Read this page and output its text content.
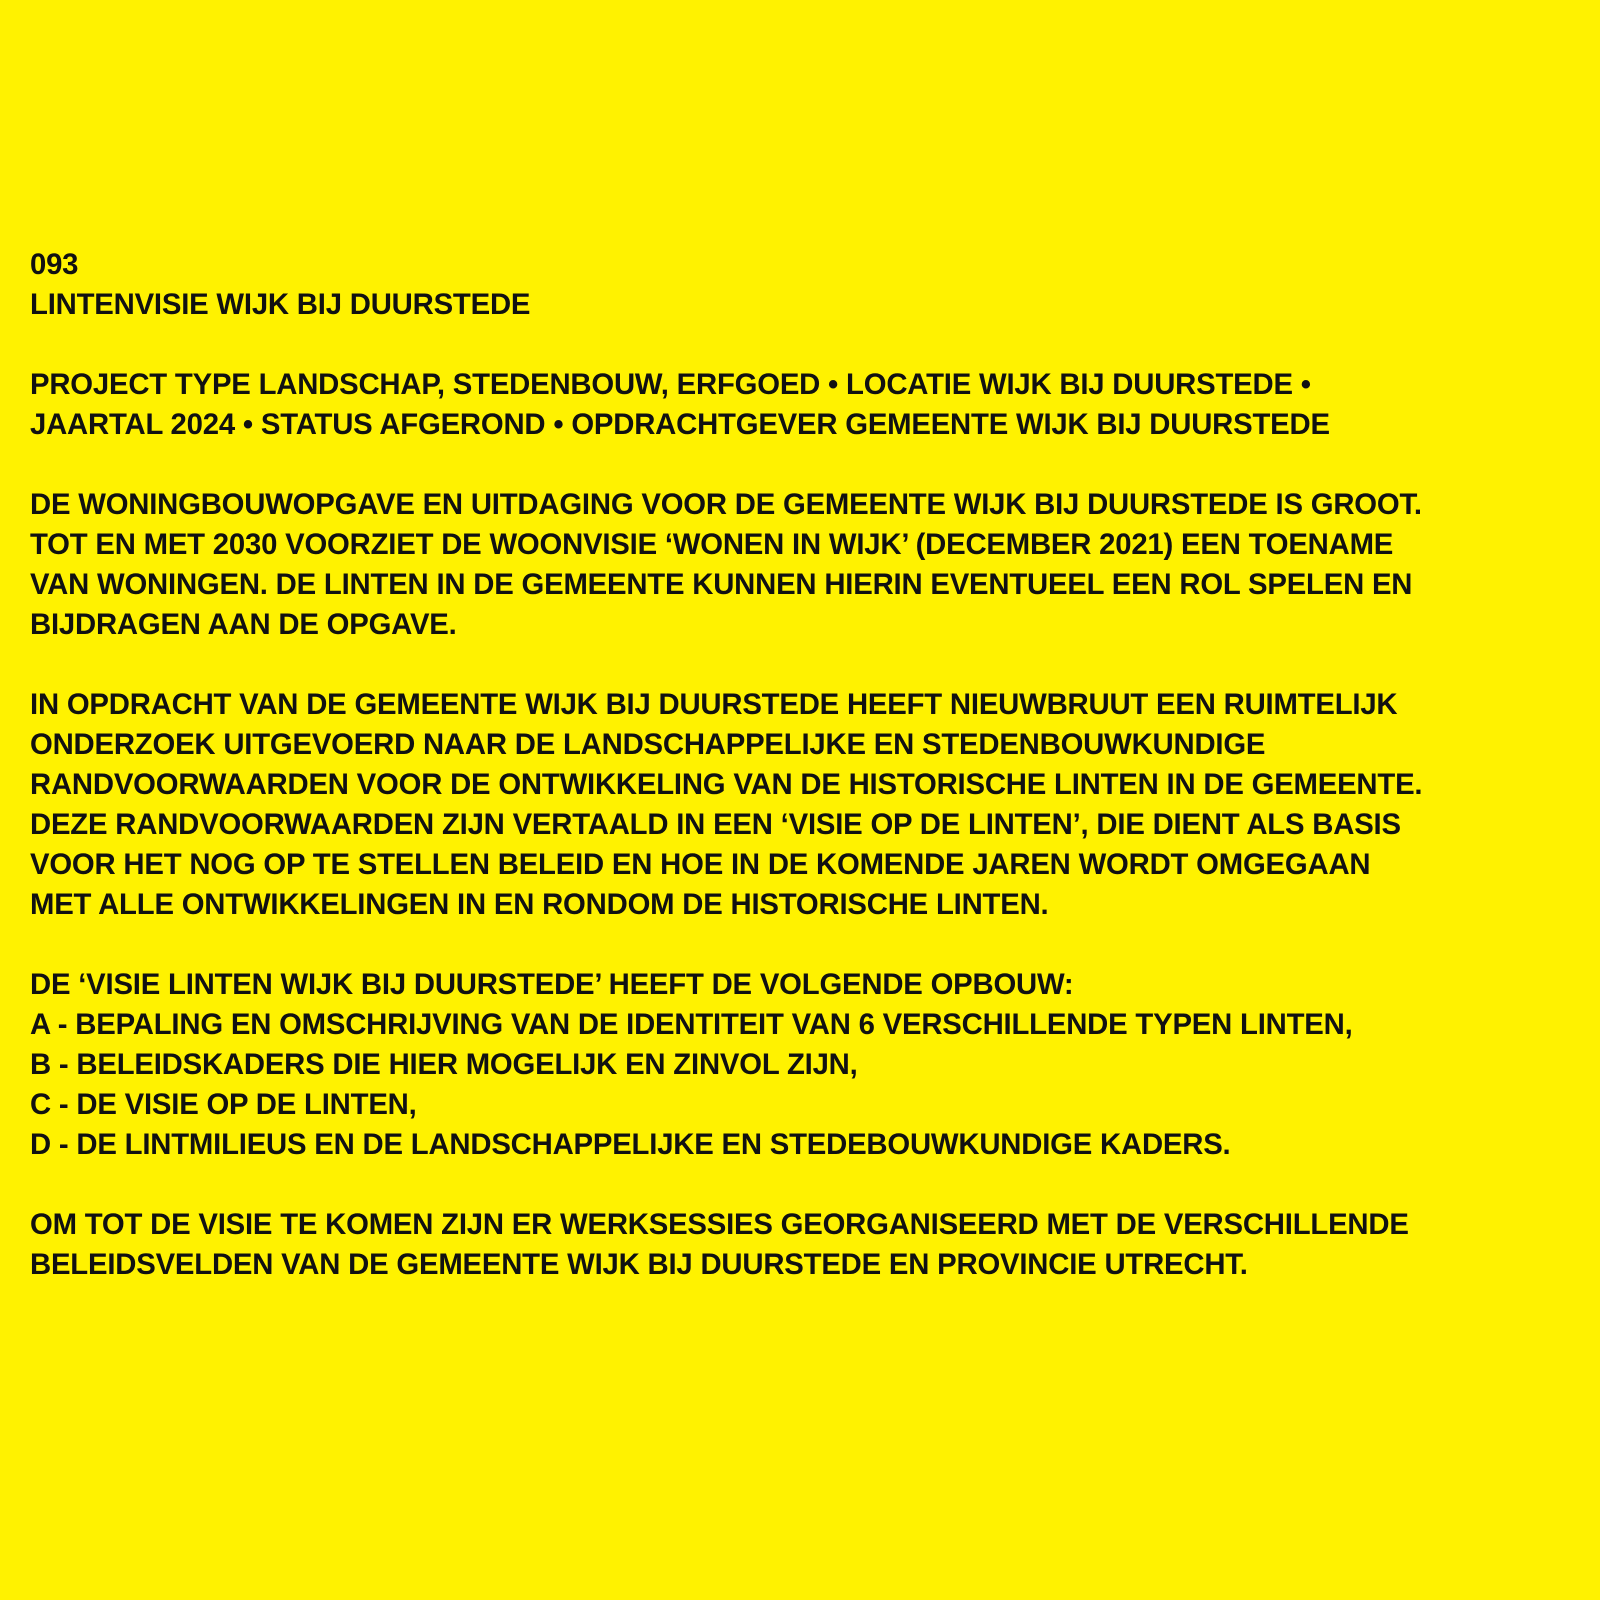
093
LINTENVISIE WIJK BIJ DUURSTEDE
PROJECT TYPE LANDSCHAP, STEDENBOUW, ERFGOED • LOCATIE WIJK BIJ DUURSTEDE •
JAARTAL 2024 • STATUS AFGEROND • OPDRACHTGEVER GEMEENTE WIJK BIJ DUURSTEDE
DE WONINGBOUWOPGAVE EN UITDAGING VOOR DE GEMEENTE WIJK BIJ DUURSTEDE IS GROOT.
TOT EN MET 2030 VOORZIET DE WOONVISIE ‘WONEN IN WIJK’ (DECEMBER 2021) EEN TOENAME
VAN WONINGEN. DE LINTEN IN DE GEMEENTE KUNNEN HIERIN EVENTUEEL EEN ROL SPELEN EN
BIJDRAGEN AAN DE OPGAVE.
IN OPDRACHT VAN DE GEMEENTE WIJK BIJ DUURSTEDE HEEFT NIEUWBRUUT EEN RUIMTELIJK
ONDERZOEK UITGEVOERD NAAR DE LANDSCHAPPELIJKE EN STEDENBOUWKUNDIGE
RANDVOORWAARDEN VOOR DE ONTWIKKELING VAN DE HISTORISCHE LINTEN IN DE GEMEENTE.
DEZE RANDVOORWAARDEN ZIJN VERTAALD IN EEN ‘VISIE OP DE LINTEN’, DIE DIENT ALS BASIS
VOOR HET NOG OP TE STELLEN BELEID EN HOE IN DE KOMENDE JAREN WORDT OMGEGAAN
MET ALLE ONTWIKKELINGEN IN EN RONDOM DE HISTORISCHE LINTEN.
DE ‘VISIE LINTEN WIJK BIJ DUURSTEDE’ HEEFT DE VOLGENDE OPBOUW:
A - BEPALING EN OMSCHRIJVING VAN DE IDENTITEIT VAN 6 VERSCHILLENDE TYPEN LINTEN,
B - BELEIDSKADERS DIE HIER MOGELIJK EN ZINVOL ZIJN,
C - DE VISIE OP DE LINTEN,
D - DE LINTMILIEUS EN DE LANDSCHAPPELIJKE EN STEDEBOUWKUNDIGE KADERS.
OM TOT DE VISIE TE KOMEN ZIJN ER WERKSESSIES GEORGANISEERD MET DE VERSCHILLENDE
BELEIDSVELDEN VAN DE GEMEENTE WIJK BIJ DUURSTEDE EN PROVINCIE UTRECHT.
